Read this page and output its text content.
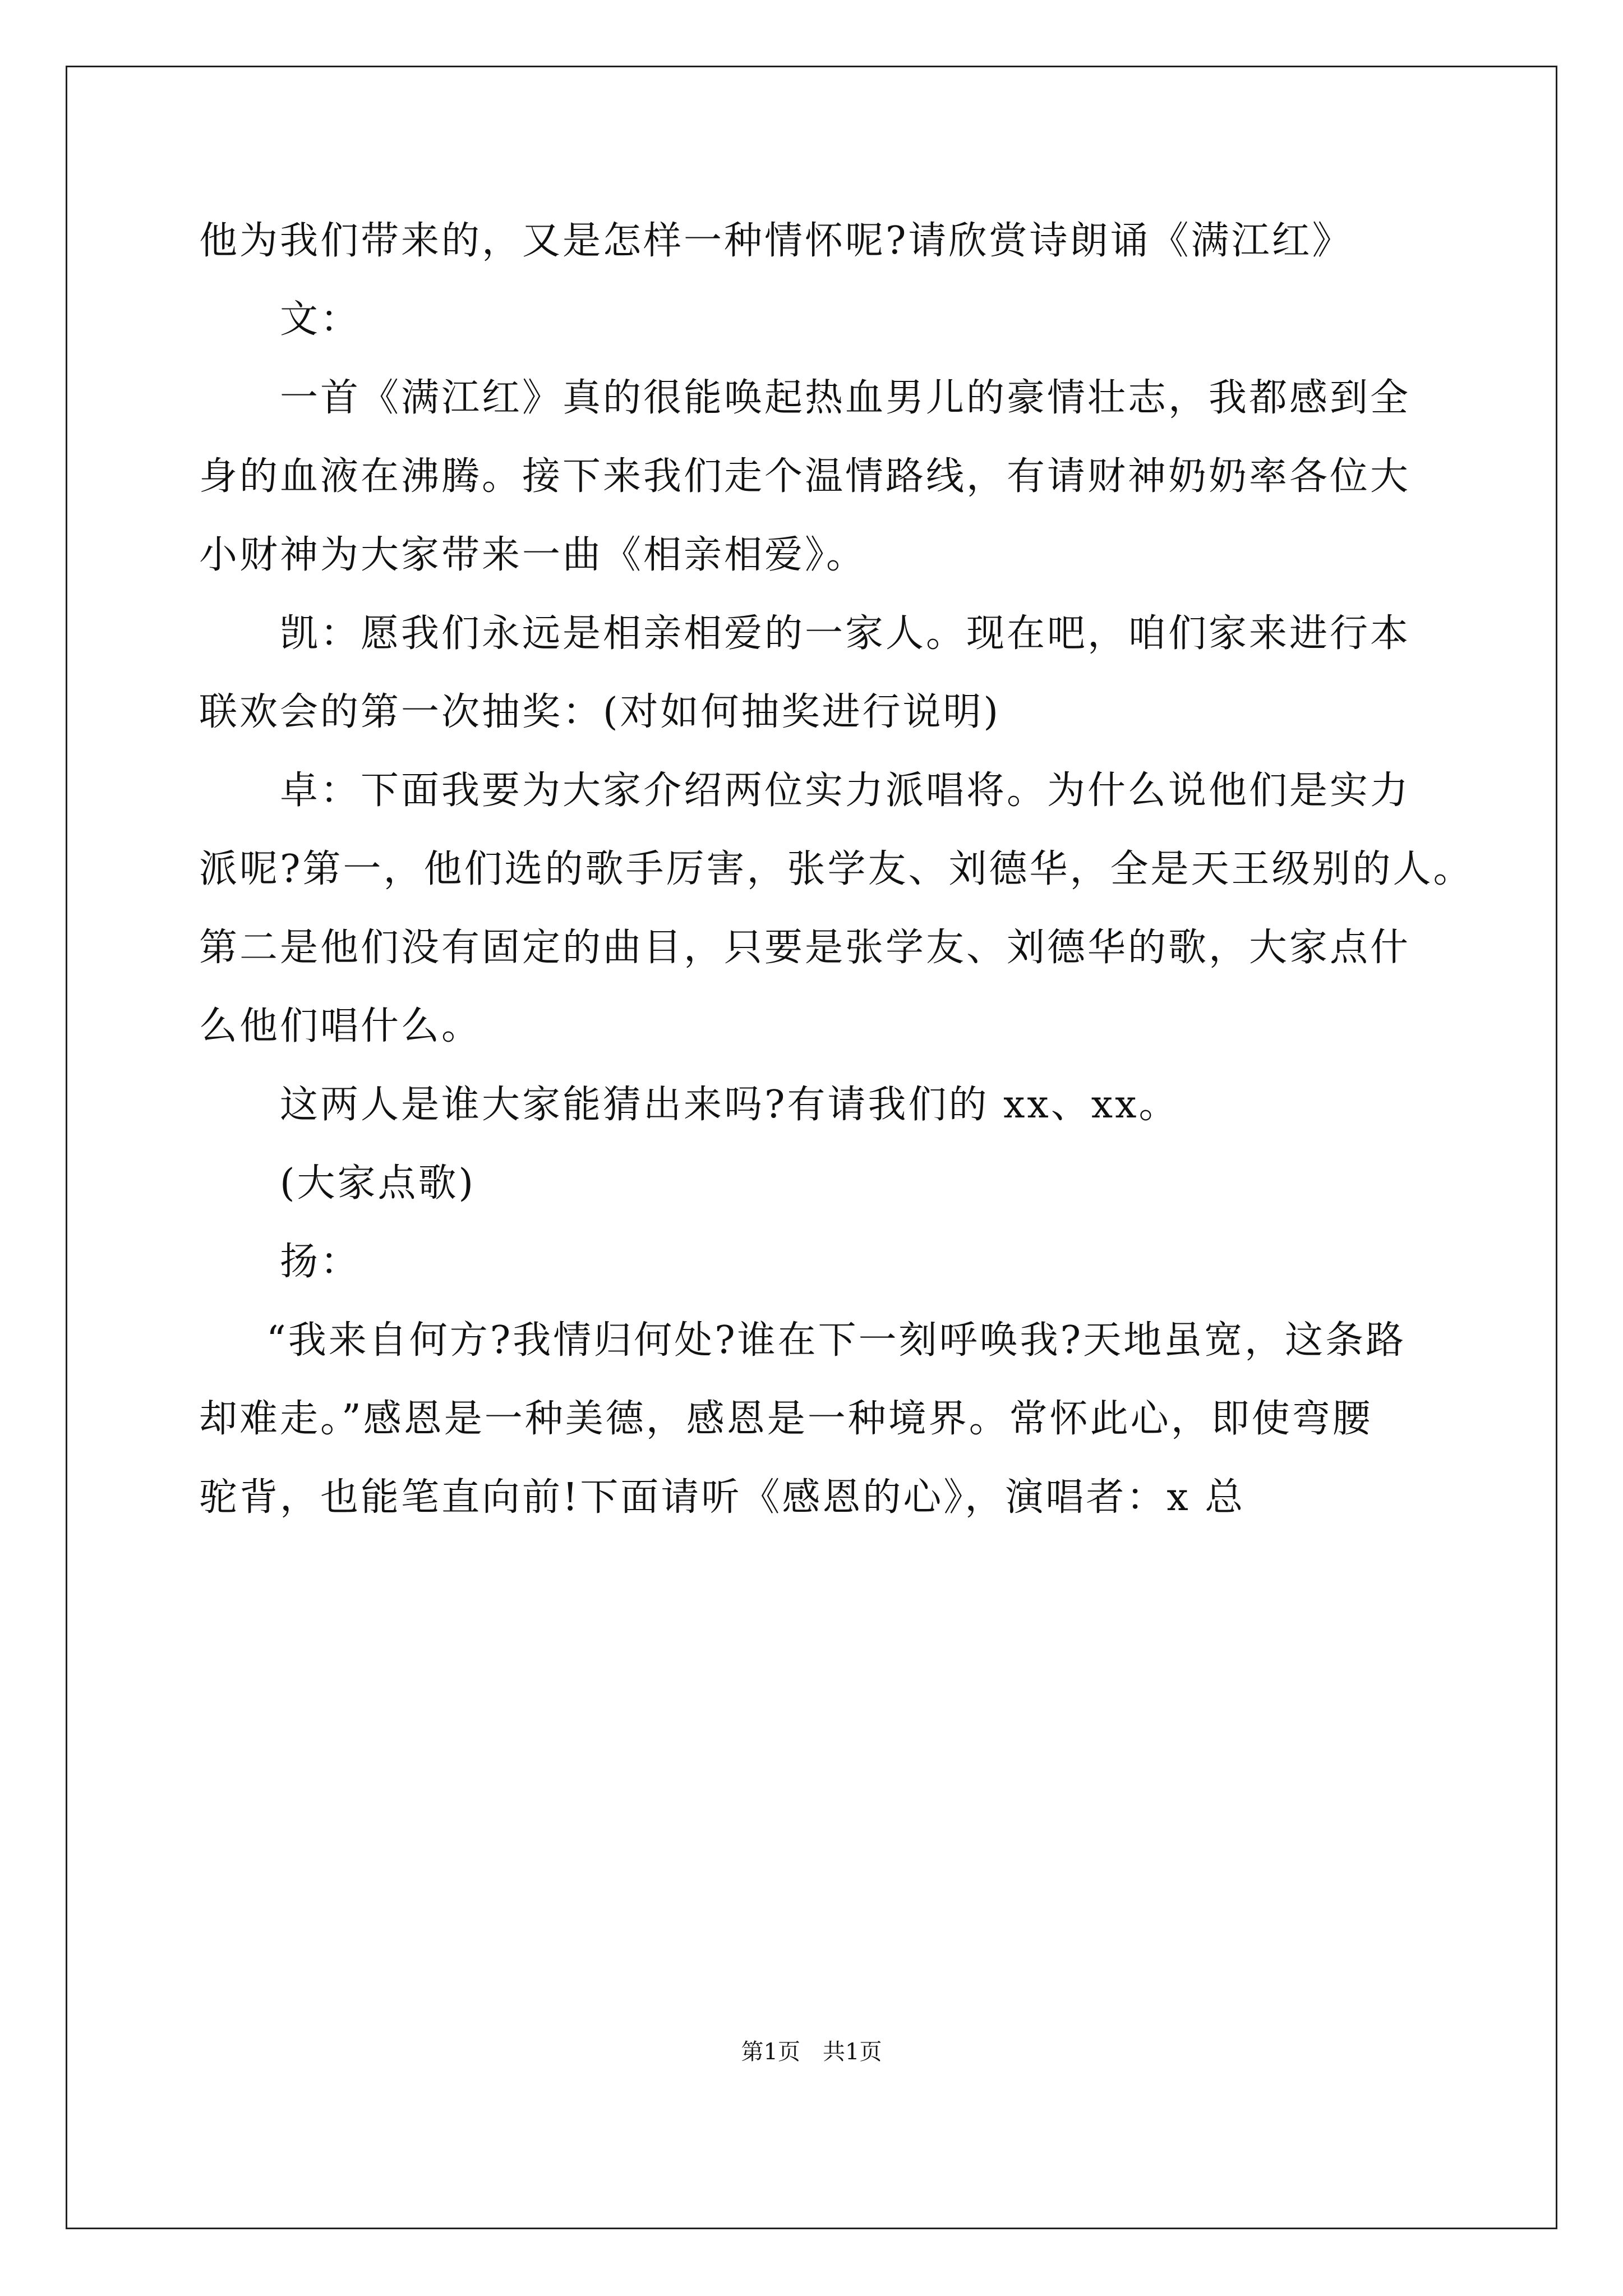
他为我们带来的，又是怎样一种情怀呢?请欣赏诗朗诵《满江红》
文：
一首《满江红》真的很能唤起热血男儿的豪情壮志，我都感到全
身的血液在沸腾。接下来我们走个温情路线，有请财神奶奶率各位大
小财神为大家带来一曲《相亲相爱》。
凯：愿我们永远是相亲相爱的一家人。现在吧，咱们家来进行本
联欢会的第一次抽奖：(对如何抽奖进行说明)
卓：下面我要为大家介绍两位实力派唱将。为什么说他们是实力
派呢?第一，他们选的歌手厉害，张学友、刘德华，全是天王级别的人。
第二是他们没有固定的曲目，只要是张学友、刘德华的歌，大家点什
么他们唱什么。
这两人是谁大家能猜出来吗?有请我们的 xx、xx。
(大家点歌)
扬：
“我来自何方?我情归何处?谁在下一刻呼唤我?天地虽宽，这条路
却难走。”感恩是一种美德，感恩是一种境界。常怀此心，即使弯腰
驼背，也能笔直向前!下面请听《感恩的心》，演唱者：x 总
第1页　共1页
